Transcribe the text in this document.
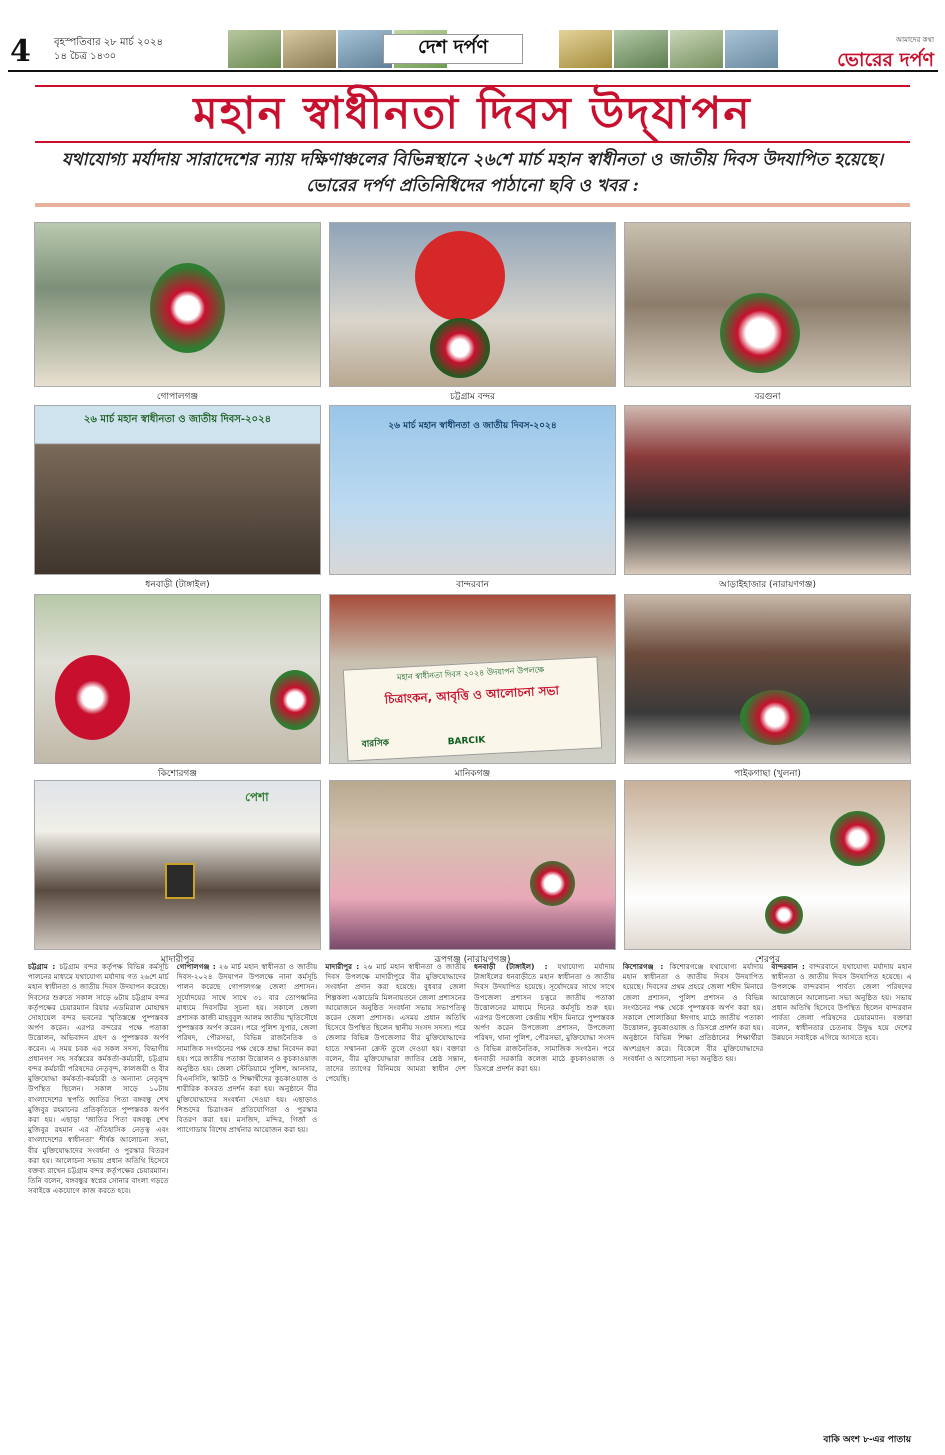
4 বৃহস্পতিবার ২৮ মার্চ ২০২৪
১৪ চৈত্র ১৪৩০	দেশ দর্পণ	আমাদের কথা
ভোরের দর্পণ
মহান স্বাধীনতা দিবস উদ্‌যাপন
যথাযোগ্য মর্যাদায় সারাদেশের ন্যায় দক্ষিণাঞ্চলের বিভিন্নস্থানে ২৬শে মার্চ মহান স্বাধীনতা ও জাতীয় দিবস উদযাপিত হয়েছে। ভোরের দর্পণ প্রতিনিধিদের পাঠানো ছবি ও খবর :
গোপালগঞ্জ	চট্টগ্রাম বন্দর	বরগুনা
২৬ মার্চ মহান স্বাধীনতা ও জাতীয় দিবস-২০২৪
ধনবাড়ী (টাঙ্গাইল)
২৬ মার্চ মহান স্বাধীনতা ও জাতীয় দিবস-২০২৪
বান্দরবান	আড়াইহাজার (নারায়ণগঞ্জ)
কিশোরগঞ্জ
মহান স্বাধীনতা দিবস ২০২৪ উদযাপন উপলক্ষে
চিত্রাংকন, আবৃত্তি ও আলোচনা সভা
বারসিক	BARCIK
মানিকগঞ্জ	পাইকগাছা (খুলনা)
পেশা
মাদারীপুর	রূপগঞ্জ (নারায়ণগঞ্জ)	শেরপুর
চট্টগ্রাম : চট্টগ্রাম বন্দর কর্তৃপক্ষ বিভিন্ন কর্মসূচি পালনের মাধ্যমে যথাযোগ্য মর্যাদায় গত ২৬শে মার্চ মহান স্বাধীনতা ও জাতীয় দিবস উদযাপন করেছে। দিবসের শুরুতে সকাল সাড়ে ৬টায় চট্টগ্রাম বন্দর কর্তৃপক্ষের চেয়ারম্যান রিয়ার এডমিরাল মোহাম্মদ সোহায়েল বন্দর ভবনের স্মৃতিস্তম্ভে পুষ্পস্তবক অর্পণ করেন। এরপর বন্দরের পক্ষে পতাকা উত্তোলন, অভিবাদন গ্রহণ ও পুষ্পস্তবক অর্পণ করেন। এ সময় চবক এর সকল সদস্য, বিভাগীয় প্রধানগণ সহ সর্বস্তরের কর্মকর্তা-কর্মচারী, চট্টগ্রাম বন্দর কর্মচারী পরিষদের নেতৃবৃন্দ, কালজয়ী ও বীর মুক্তিযোদ্ধা কর্মকর্তা-কর্মচারী ও অন্যান্য নেতৃবৃন্দ উপস্থিত ছিলেন। সকাল সাড়ে ১০টায় বাংলাদেশের স্থপতি জাতির পিতা বঙ্গবন্ধু শেখ মুজিবুর রহমানের প্রতিকৃতিতে পুষ্পস্তবক অর্পণ করা হয়। এছাড়া 'জাতির পিতা বঙ্গবন্ধু শেখ মুজিবুর রহমান এর ঐতিহাসিক নেতৃত্ব এবং বাংলাদেশের স্বাধীনতা' শীর্ষক আলোচনা সভা, বীর মুক্তিযোদ্ধাদের সংবর্ধনা ও পুরস্কার বিতরণ করা হয়। আলোচনা সভায় প্রধান অতিথি হিসেবে বক্তব্য রাখেন চট্টগ্রাম বন্দর কর্তৃপক্ষের চেয়ারম্যান। তিনি বলেন, বঙ্গবন্ধুর স্বপ্নের সোনার বাংলা গড়তে সবাইকে একযোগে কাজ করতে হবে।
গোপালগঞ্জ : ২৬ মার্চ মহান স্বাধীনতা ও জাতীয় দিবস-২০২৪ উদযাপন উপলক্ষে নানা কর্মসূচি পালন করেছে গোপালগঞ্জ জেলা প্রশাসন। সূর্যোদয়ের সাথে সাথে ৩১ বার তোপধ্বনির মাধ্যমে দিবসটির সূচনা হয়। সকালে জেলা প্রশাসক কাজী মাহবুবুল আলম জাতীয় স্মৃতিসৌধে পুষ্পস্তবক অর্পণ করেন। পরে পুলিশ সুপার, জেলা পরিষদ, পৌরসভা, বিভিন্ন রাজনৈতিক ও সামাজিক সংগঠনের পক্ষ থেকে শ্রদ্ধা নিবেদন করা হয়। পরে জাতীয় পতাকা উত্তোলন ও কুচকাওয়াজ অনুষ্ঠিত হয়। জেলা স্টেডিয়ামে পুলিশ, আনসার, বিএনসিসি, স্কাউট ও শিক্ষার্থীদের কুচকাওয়াজ ও শারীরিক কসরত প্রদর্শন করা হয়। অনুষ্ঠানে বীর মুক্তিযোদ্ধাদের সংবর্ধনা দেওয়া হয়। এছাড়াও শিশুদের চিত্রাংকন প্রতিযোগিতা ও পুরস্কার বিতরণ করা হয়। মসজিদ, মন্দির, গির্জা ও প্যাগোডায় বিশেষ প্রার্থনার আয়োজন করা হয়।
মাদারীপুর : ২৬ মার্চ মহান স্বাধীনতা ও জাতীয় দিবস উপলক্ষে মাদারীপুরে বীর মুক্তিযোদ্ধাদের সংবর্ধনা প্রদান করা হয়েছে। বুধবার জেলা শিল্পকলা একাডেমি মিলনায়তনে জেলা প্রশাসনের আয়োজনে অনুষ্ঠিত সংবর্ধনা সভায় সভাপতিত্ব করেন জেলা প্রশাসক। এসময় প্রধান অতিথি হিসেবে উপস্থিত ছিলেন স্থানীয় সংসদ সদস্য। পরে জেলার বিভিন্ন উপজেলার বীর মুক্তিযোদ্ধাদের হাতে সম্মাননা ক্রেস্ট তুলে দেওয়া হয়। বক্তারা বলেন, বীর মুক্তিযোদ্ধারা জাতির শ্রেষ্ঠ সন্তান, তাদের ত্যাগের বিনিময়ে আমরা স্বাধীন দেশ পেয়েছি।
ধনবাড়ী (টাঙ্গাইল) : যথাযোগ্য মর্যাদায় টাঙ্গাইলের ধনবাড়ীতে মহান স্বাধীনতা ও জাতীয় দিবস উদযাপিত হয়েছে। সূর্যোদয়ের সাথে সাথে উপজেলা প্রশাসন চত্বরে জাতীয় পতাকা উত্তোলনের মাধ্যমে দিনের কর্মসূচি শুরু হয়। এরপর উপজেলা কেন্দ্রীয় শহীদ মিনারে পুষ্পস্তবক অর্পণ করেন উপজেলা প্রশাসন, উপজেলা পরিষদ, থানা পুলিশ, পৌরসভা, মুক্তিযোদ্ধা সংসদ ও বিভিন্ন রাজনৈতিক, সামাজিক সংগঠন। পরে ধনবাড়ী সরকারি কলেজ মাঠে কুচকাওয়াজ ও ডিসপ্লে প্রদর্শন করা হয়।
কিশোরগঞ্জ : কিশোরগঞ্জে যথাযোগ্য মর্যাদায় মহান স্বাধীনতা ও জাতীয় দিবস উদযাপিত হয়েছে। দিবসের প্রথম প্রহরে জেলা শহীদ মিনারে জেলা প্রশাসন, পুলিশ প্রশাসন ও বিভিন্ন সংগঠনের পক্ষ থেকে পুষ্পস্তবক অর্পণ করা হয়। সকালে শোলাকিয়া ঈদগাহ মাঠে জাতীয় পতাকা উত্তোলন, কুচকাওয়াজ ও ডিসপ্লে প্রদর্শন করা হয়। অনুষ্ঠানে বিভিন্ন শিক্ষা প্রতিষ্ঠানের শিক্ষার্থীরা অংশগ্রহণ করে। বিকেলে বীর মুক্তিযোদ্ধাদের সংবর্ধনা ও আলোচনা সভা অনুষ্ঠিত হয়।
বান্দরবান : বান্দরবানে যথাযোগ্য মর্যাদায় মহান স্বাধীনতা ও জাতীয় দিবস উদযাপিত হয়েছে। এ উপলক্ষে বান্দরবান পার্বত্য জেলা পরিষদের আয়োজনে আলোচনা সভা অনুষ্ঠিত হয়। সভায় প্রধান অতিথি হিসেবে উপস্থিত ছিলেন বান্দরবান পার্বত্য জেলা পরিষদের চেয়ারম্যান। বক্তারা বলেন, স্বাধীনতার চেতনায় উদ্বুদ্ধ হয়ে দেশের উন্নয়নে সবাইকে এগিয়ে আসতে হবে।
বাকি অংশ ৮-এর পাতায়
